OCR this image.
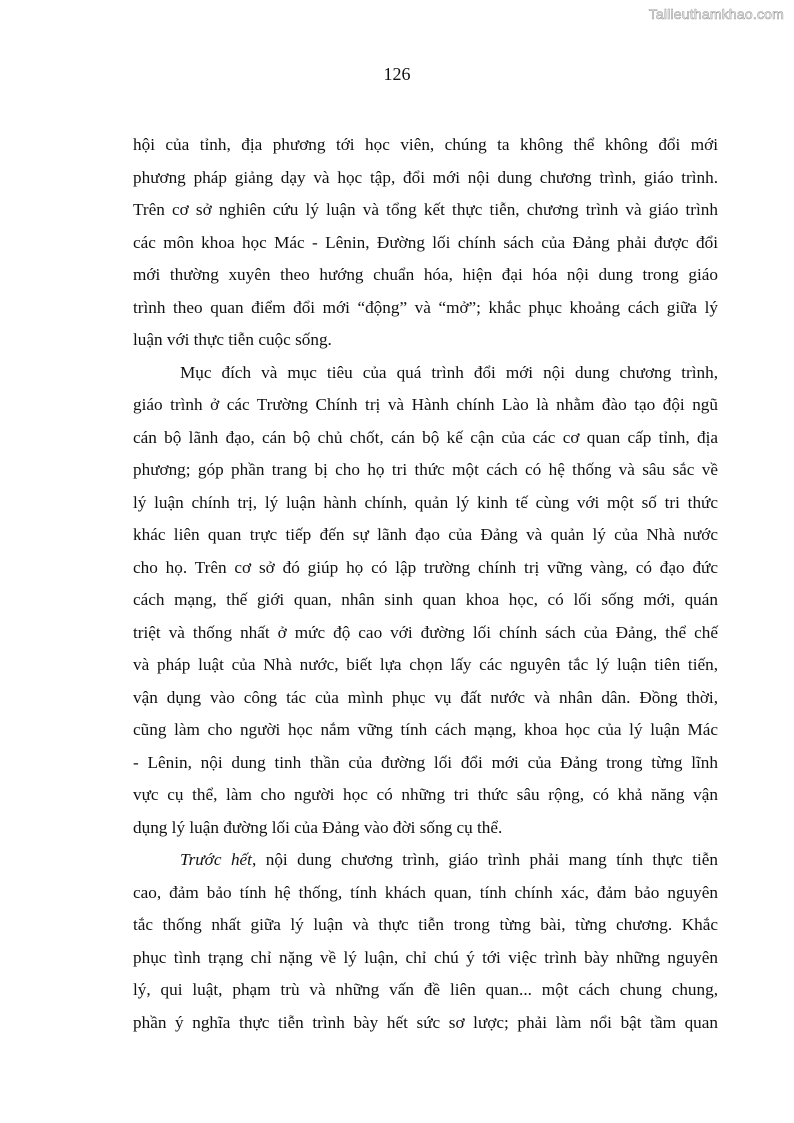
Tailieuthamkhao.com
126
hội của tỉnh, địa phương tới học viên, chúng ta không thể không đổi mới
phương pháp giảng dạy và học tập, đổi mới nội dung chương trình, giáo trình.
Trên cơ sở nghiên cứu lý luận và tổng kết thực tiễn, chương trình và giáo trình
các môn khoa học Mác - Lênin, Đường lối chính sách của Đảng phải được đổi
mới thường xuyên theo hướng chuẩn hóa, hiện đại hóa nội dung trong giáo
trình theo quan điểm đổi mới “động” và “mở”; khắc phục khoảng cách giữa lý
luận với thực tiễn cuộc sống.
Mục đích và mục tiêu của quá trình đổi mới nội dung chương trình,
giáo trình ở các Trường Chính trị và Hành chính Lào là nhằm đào tạo đội ngũ
cán bộ lãnh đạo, cán bộ chủ chốt, cán bộ kế cận của các cơ quan cấp tỉnh, địa
phương; góp phần trang bị cho họ tri thức một cách có hệ thống và sâu sắc về
lý luận chính trị, lý luận hành chính, quản lý kinh tế cùng với một số tri thức
khác liên quan trực tiếp đến sự lãnh đạo của Đảng và quản lý của Nhà nước
cho họ. Trên cơ sở đó giúp họ có lập trường chính trị vững vàng, có đạo đức
cách mạng, thế giới quan, nhân sinh quan khoa học, có lối sống mới, quán
triệt và thống nhất ở mức độ cao với đường lối chính sách của Đảng, thể chế
và pháp luật của Nhà nước, biết lựa chọn lấy các nguyên tắc lý luận tiên tiến,
vận dụng vào công tác của mình phục vụ đất nước và nhân dân. Đồng thời,
cũng làm cho người học nắm vững tính cách mạng, khoa học của lý luận Mác
- Lênin, nội dung tinh thần của đường lối đổi mới của Đảng trong từng lĩnh
vực cụ thể, làm cho người học có những tri thức sâu rộng, có khả năng vận
dụng lý luận đường lối của Đảng vào đời sống cụ thể.
Trước hết, nội dung chương trình, giáo trình phải mang tính thực tiễn
cao, đảm bảo tính hệ thống, tính khách quan, tính chính xác, đảm bảo nguyên
tắc thống nhất giữa lý luận và thực tiễn trong từng bài, từng chương. Khắc
phục tình trạng chỉ nặng về lý luận, chỉ chú ý tới việc trình bày những nguyên
lý, qui luật, phạm trù và những vấn đề liên quan... một cách chung chung,
phần ý nghĩa thực tiễn trình bày hết sức sơ lược; phải làm nổi bật tầm quan
